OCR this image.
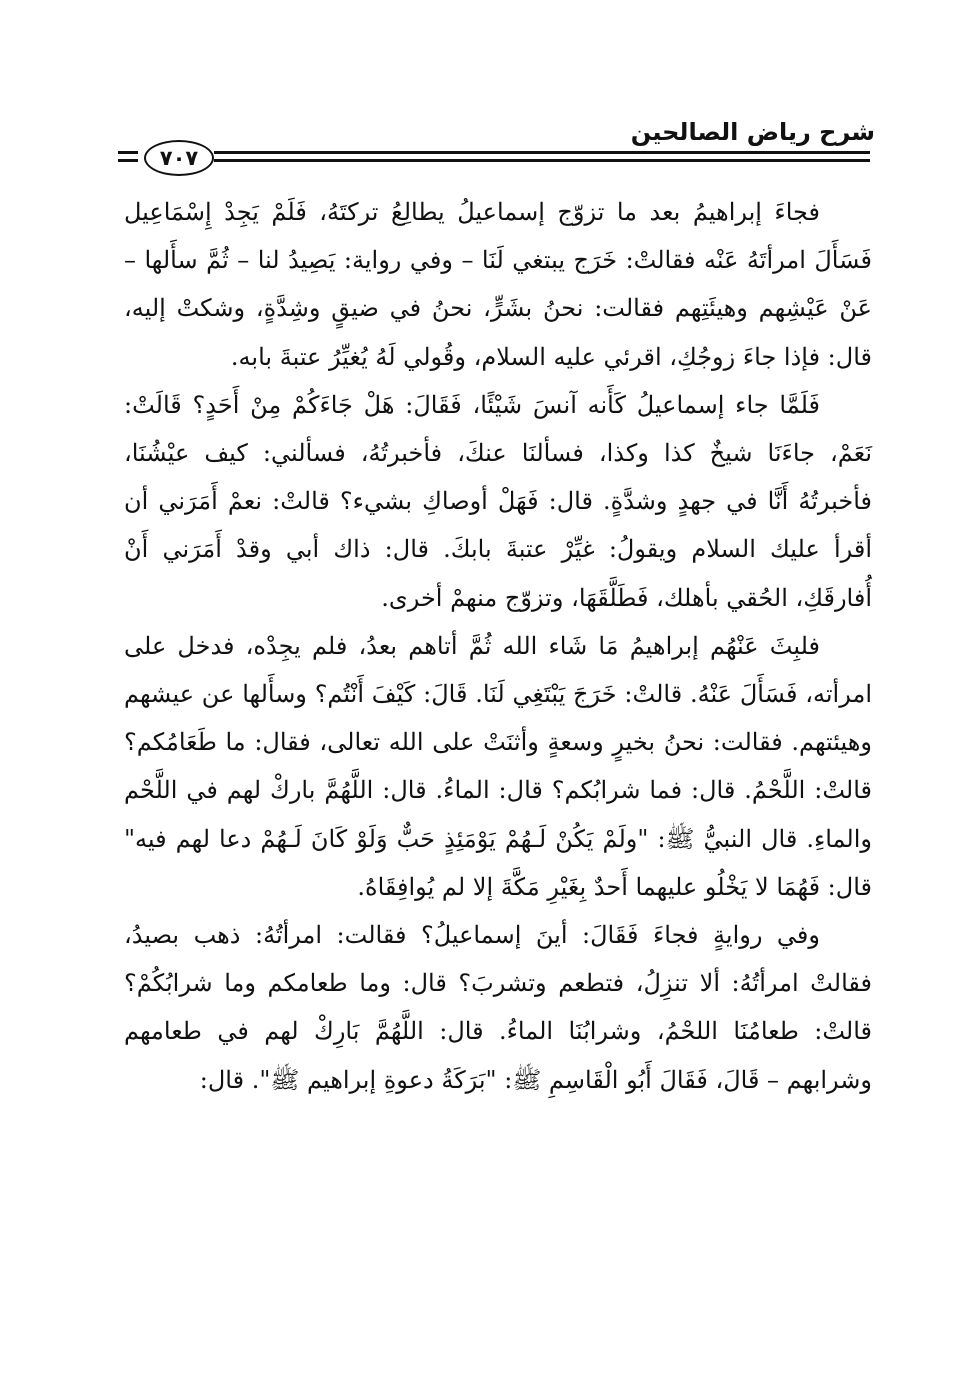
شرح رياض الصالحين
٧٠٧

فجاءَ إبراهيمُ بعد ما تزوّج إسماعيلُ يطالِعُ تركتَهُ، فَلَمْ يَجِدْ إِسْمَاعِيل فَسَأَلَ امرأتَهُ عَنْه فقالتْ: خَرَج يبتغي لَنَا – وفي رواية: يَصِيدُ لنا – ثُمَّ سأَلها – عَنْ عَيْشِهم وهيئَتِهم فقالت: نحنُ بشَرٍّ، نحنُ في ضيقٍ وشِدَّةٍ، وشكتْ إليه، قال: فإذا جاءَ زوجُكِ، اقرئي عليه السلام، وقُولي لَهُ يُغيِّرُ عتبةَ بابه.

فَلَمَّا جاء إسماعيلُ كَأَنه آنسَ شَيْئًا، فَقَالَ: هَلْ جَاءَكُمْ مِنْ أَحَدٍ؟ قَالَتْ: نَعَمْ، جاءَنَا شيخٌ كذا وكذا، فسألنَا عنكَ، فأخبرتُهُ، فسألني: كيف عيْشُنَا، فأخبرتُهُ أَنَّا في جهدٍ وشدَّةٍ. قال: فَهَلْ أوصاكِ بشيء؟ قالتْ: نعمْ أَمَرَني أن أقرأ عليك السلام ويقولُ: غيِّرْ عتبةَ بابكَ. قال: ذاك أبي وقدْ أَمَرَني أَنْ أُفارقَكِ، الحُقي بأهلك، فَطَلَّقَهَا، وتزوّج منهمْ أخرى.

فلبِثَ عَنْهُم إبراهيمُ مَا شَاء الله ثُمَّ أتاهم بعدُ، فلم يجِدْه، فدخل على امرأته، فَسَأَلَ عَنْهُ. قالتْ: خَرَجَ يَبْتَغِي لَنَا. قَالَ: كَيْفَ أَنْتُم؟ وسأَلها عن عيشهم وهيئتهم. فقالت: نحنُ بخيرٍ وسعةٍ وأثنَتْ على الله تعالى، فقال: ما طَعَامُكم؟ قالتْ: اللَّحْمُ. قال: فما شرابُكم؟ قال: الماءُ. قال: اللَّهُمَّ باركْ لهم في اللَّحْم والماءِ. قال النبيُّ ﷺ: "ولَمْ يَكُنْ لَـهُمْ يَوْمَئِذٍ حَبٌّ وَلَوْ كَانَ لَـهُمْ دعا لهم فيه" قال: فَهُمَا لا يَخْلُو عليهما أَحدٌ بِغَيْرِ مَكَّةَ إلا لم يُوافِقَاهُ.

وفي روايةٍ فجاءَ فَقَالَ: أينَ إسماعيلُ؟ فقالت: امرأتُهُ: ذهب بصيدُ، فقالتْ امرأتُهُ: ألا تنزِلُ، فتطعم وتشربَ؟ قال: وما طعامكم وما شرابُكُمْ؟ قالتْ: طعامُنَا اللحْمُ، وشرابُنَا الماءُ. قال: اللَّهُمَّ بَارِكْ لهم في طعامهم وشرابهم – قَالَ، فَقَالَ أَبُو الْقَاسِمِ ﷺ: "بَرَكَةُ دعوةِ إبراهيم ﷺ". قال:
